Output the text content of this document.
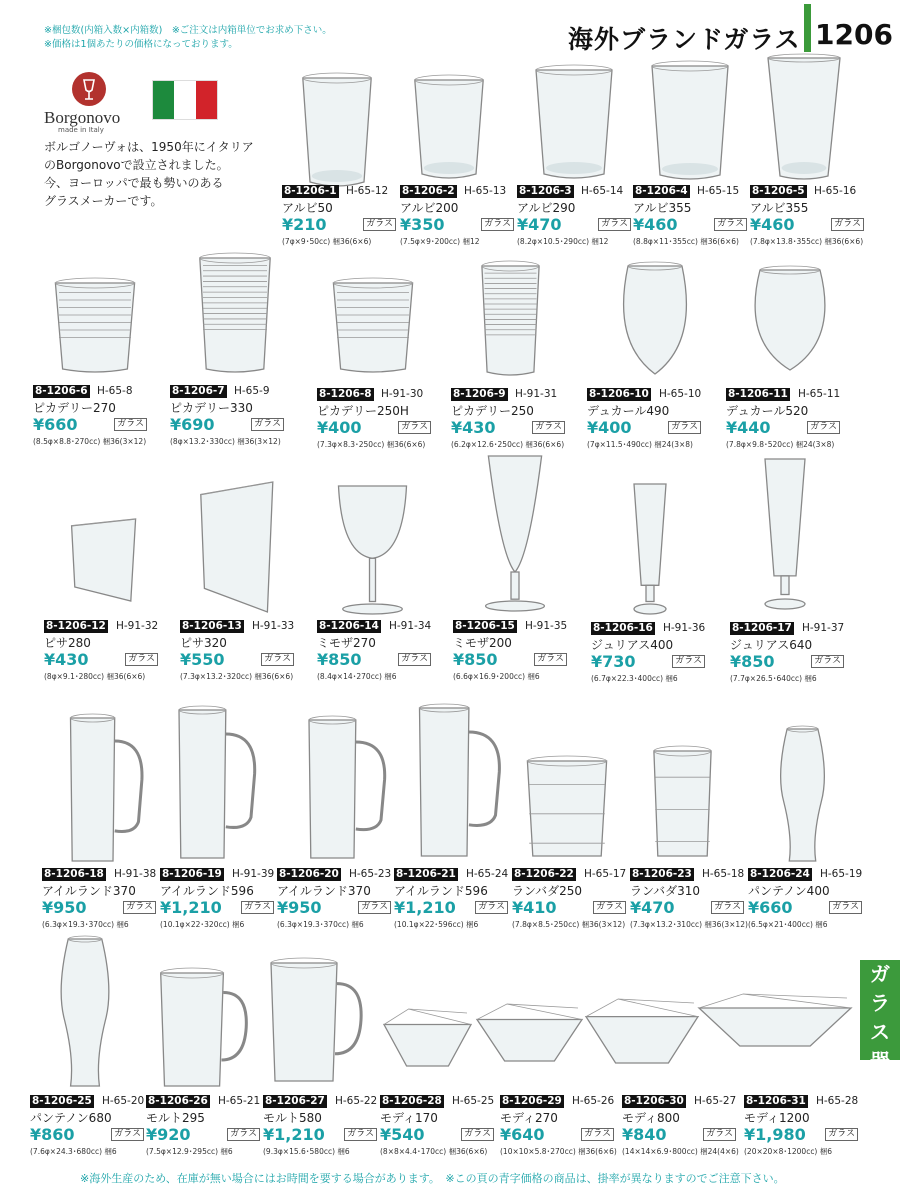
※梱包数(内箱入数×内箱数)　※ご注文は内箱単位でお求め下さい。
※価格は1個あたりの価格になっております。	海外ブランドガラス 1206
Borgonovo
made in Italy
ボルゴノーヴォは、1950年にイタリア
のBorgonovoで設立されました。
今、ヨーロッパで最も勢いのある
グラスメーカーです。
8-1206-1 H-65-12
アルビ50
¥210	ガラス
(7φ×9･50cc) 梱36(6×6)
8-1206-2 H-65-13
アルビ200
¥350	ガラス
(7.5φ×9･200cc) 梱12
8-1206-3 H-65-14
アルビ290
¥470	ガラス
(8.2φ×10.5･290cc) 梱12
8-1206-4 H-65-15
アルビ355
¥460	ガラス
(8.8φ×11･355cc) 梱36(6×6)
8-1206-5 H-65-16
アルビ355
¥460	ガラス
(7.8φ×13.8･355cc) 梱36(6×6)
8-1206-6 H-65-8
ピカデリー270
¥660	ガラス
(8.5φ×8.8･270cc) 梱36(3×12)
8-1206-7 H-65-9
ピカデリー330
¥690	ガラス
(8φ×13.2･330cc) 梱36(3×12)
8-1206-8 H-91-30
ピカデリー250H
¥400	ガラス
(7.3φ×8.3･250cc) 梱36(6×6)
8-1206-9 H-91-31
ピカデリー250
¥430	ガラス
(6.2φ×12.6･250cc) 梱36(6×6)
8-1206-10 H-65-10
デュカール490
¥400	ガラス
(7φ×11.5･490cc) 梱24(3×8)
8-1206-11 H-65-11
デュカール520
¥440	ガラス
(7.8φ×9.8･520cc) 梱24(3×8)
8-1206-12 H-91-32
ピサ280
¥430	ガラス
(8φ×9.1･280cc) 梱36(6×6)
8-1206-13 H-91-33
ピサ320
¥550	ガラス
(7.3φ×13.2･320cc) 梱36(6×6)
8-1206-14 H-91-34
ミモザ270
¥850	ガラス
(8.4φ×14･270cc) 梱6
8-1206-15 H-91-35
ミモザ200
¥850	ガラス
(6.6φ×16.9･200cc) 梱6
8-1206-16 H-91-36
ジュリアス400
¥730	ガラス
(6.7φ×22.3･400cc) 梱6
8-1206-17 H-91-37
ジュリアス640
¥850	ガラス
(7.7φ×26.5･640cc) 梱6
8-1206-18 H-91-38
アイルランド370
¥950	ガラス
(6.3φ×19.3･370cc) 梱6
8-1206-19 H-91-39
アイルランド596
¥1,210	ガラス
(10.1φ×22･320cc) 梱6
8-1206-20 H-65-23
アイルランド370
¥950	ガラス
(6.3φ×19.3･370cc) 梱6
8-1206-21 H-65-24
アイルランド596
¥1,210	ガラス
(10.1φ×22･596cc) 梱6
8-1206-22 H-65-17
ランバダ250
¥410	ガラス
(7.8φ×8.5･250cc) 梱36(3×12)
8-1206-23 H-65-18
ランバダ310
¥470	ガラス
(7.3φ×13.2･310cc) 梱36(3×12)
8-1206-24 H-65-19
パンテノン400
¥660	ガラス
(6.5φ×21･400cc) 梱6
8-1206-25 H-65-20
パンテノン680
¥860	ガラス
(7.6φ×24.3･680cc) 梱6
8-1206-26 H-65-21
モルト295
¥920	ガラス
(7.5φ×12.9･295cc) 梱6
8-1206-27 H-65-22
モルト580
¥1,210	ガラス
(9.3φ×15.6･580cc) 梱6
8-1206-28 H-65-25
モディ170
¥540	ガラス
(8×8×4.4･170cc) 梱36(6×6)
8-1206-29 H-65-26
モディ270
¥640	ガラス
(10×10×5.8･270cc) 梱36(6×6)
8-1206-30 H-65-27
モディ800
¥840	ガラス
(14×14×6.9･800cc) 梱24(4×6)
8-1206-31 H-65-28
モディ1200
¥1,980	ガラス
(20×20×8･1200cc) 梱6
ガ
ラ
ス
器
※海外生産のため、在庫が無い場合にはお時間を要する場合があります。　※この頁の青字価格の商品は、掛率が異なりますのでご注意下さい。
